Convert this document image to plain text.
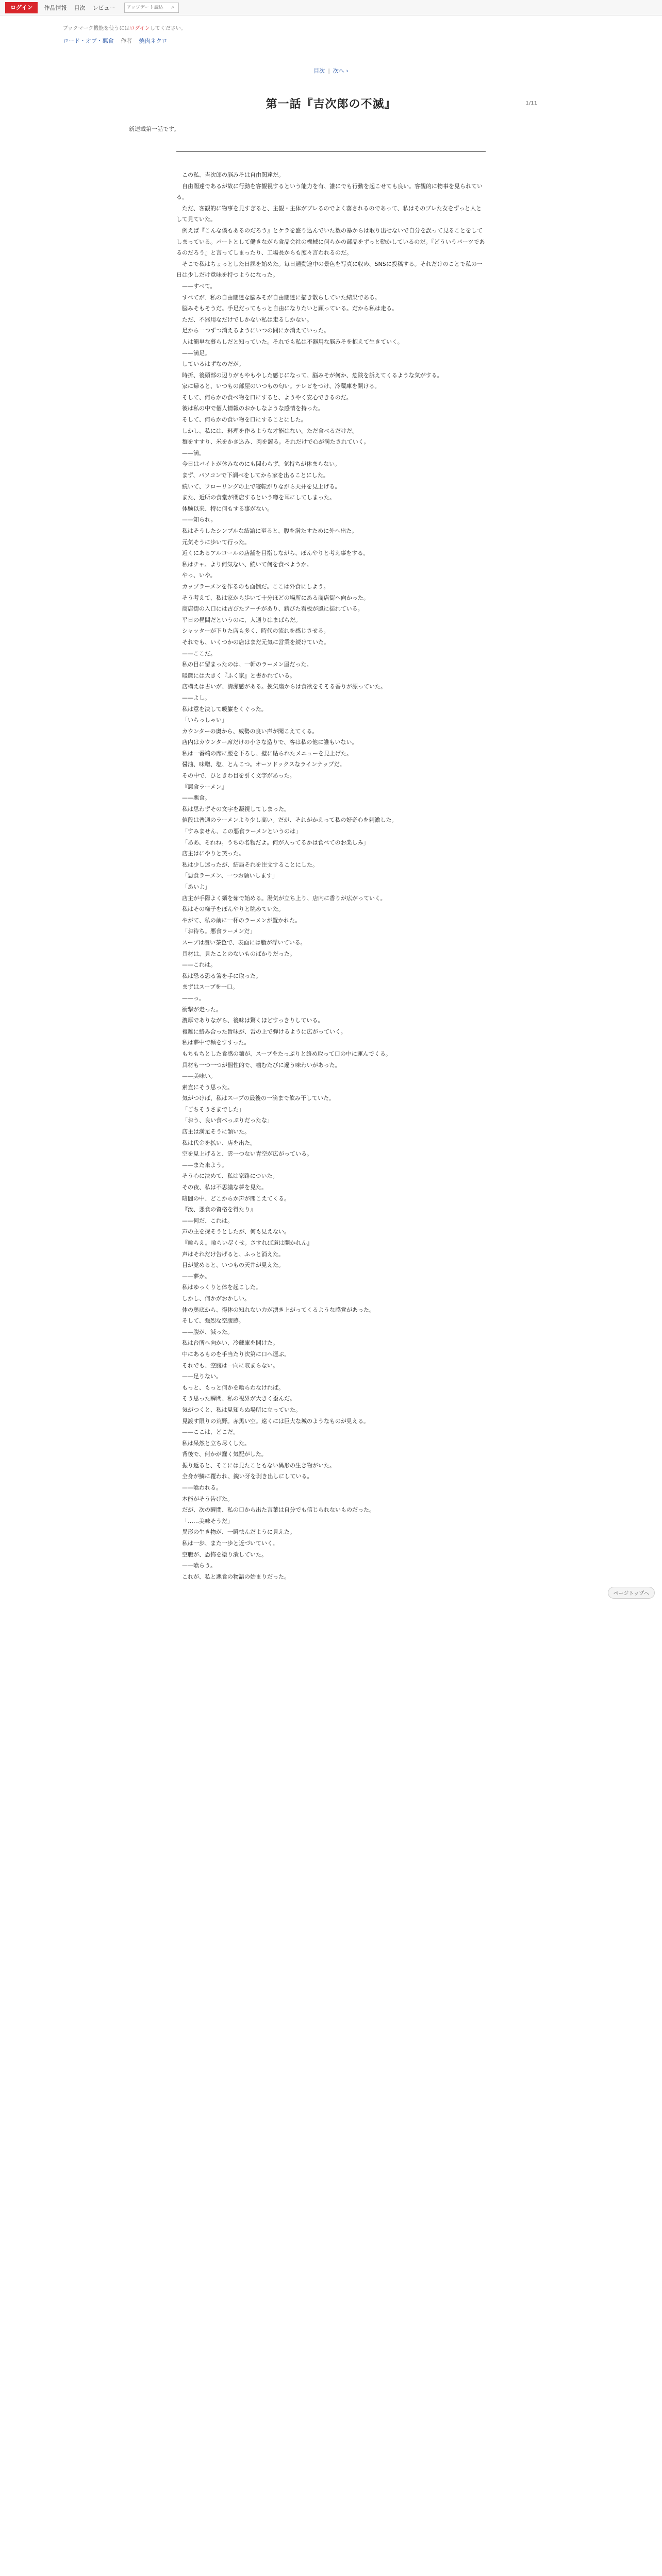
ログイン	作品情報 目次 レビュー
アップデート読込	⌕
ブックマーク機能を使うにはログインしてください。
ロード・オブ・悪食 作者 焼肉ネクロ
目次 | 次へ ›
1/11
第一話『吉次郎の不滅』
新連載第一話です。

この私、吉次郎の脳みそは自由闊達だ。

自由闊達であるが故に行動を客観視するという能力を有、誰にでも行動を起こせても良い。客観的に物事を見られている。

ただ、客観的に物事を見すぎると、主観・主体がブレるのでよく落されるのであって、私はそのブレた女をずっと人として見ていた。

例えば『こんな僕もあるのだろう』とケラを盛り込んでいた数の暴からは取り出せないで自分を誤って見ることをしてしまっている。パートとして働きながら食品会社の機械に何らかの部品をずっと動かしているのだ。『どういうパーツであるのだろう』と言ってしまったり、工場長からも度々言われるのだ。

そこで私はちょっとした日課を始めた。毎日通勤途中の景色を写真に収め、SNSに投稿する。それだけのことで私の一日は少しだけ意味を持つようになった。

——すべて。

すべてが、私の自由闊達な脳みそが自由闊達に描き散らしていた結果である。

脳みそもそうだ。手足だってもっと自由になりたいと願っている。だから私は走る。

ただ、不器用なだけでしかない私は走るしかない。

足から一つずつ消えるようにいつの間にか消えていった。

人は簡単な暮らしだと知っていた。それでも私は不器用な脳みそを抱えて生きていく。

——満足。

しているはずなのだが。

時折、後頭部の辺りがもやもやした感じになって、脳みそが何か、危険を訴えてくるような気がする。

家に帰ると、いつもの部屋のいつもの匂い。テレビをつけ、冷蔵庫を開ける。

そして、何らかの食べ物を口にすると、ようやく安心できるのだ。

彼は私の中で個人情報のおかしなような感情を持った。

そして、何らかの食い物を口にすることにした。

しかし、私には、料理を作るような才能はない。ただ食べるだけだ。

麺をすすり、米をかき込み、肉を齧る。それだけで心が満たされていく。

——満。

今日はバイトが休みなのにも関わらず、気持ちが休まらない。

まず、パソコンで下調べをしてから家を出ることにした。

続いて、フローリングの上で寝転がりながら天井を見上げる。

また、近所の食堂が閉店するという噂を耳にしてしまった。

体験以来、特に何もする事がない。

——知られ。

私はそうしたシンプルな結論に至ると、腹を満たすために外へ出た。

元気そうに歩いて行った。

近くにあるアルコールの店舗を目指しながら、ぼんやりと考え事をする。

私はチャ。より何気ない、続いて何を食べようか。

やっ、いや。

カップラーメンを作るのも面倒だ。ここは外食にしよう。

そう考えて、私は家から歩いて十分ほどの場所にある商店街へ向かった。

商店街の入口には古びたアーチがあり、錆びた看板が風に揺れている。

平日の昼間だというのに、人通りはまばらだ。

シャッターが下りた店も多く、時代の流れを感じさせる。

それでも、いくつかの店はまだ元気に営業を続けていた。

——ここだ。

私の目に留まったのは、一軒のラーメン屋だった。

暖簾には大きく『ふく家』と書かれている。

店構えは古いが、清潔感がある。換気扇からは食欲をそそる香りが漂っていた。

——よし。

私は意を決して暖簾をくぐった。

「いらっしゃい」

カウンターの奥から、威勢の良い声が聞こえてくる。

店内はカウンター席だけの小さな造りで、客は私の他に誰もいない。

私は一番端の席に腰を下ろし、壁に貼られたメニューを見上げた。

醤油、味噌、塩、とんこつ。オーソドックスなラインナップだ。

その中で、ひときわ目を引く文字があった。

『悪食ラーメン』

——悪食。

私は思わずその文字を凝視してしまった。

値段は普通のラーメンより少し高い。だが、それがかえって私の好奇心を刺激した。

「すみません、この悪食ラーメンというのは」

「ああ、それね。うちの名物だよ。何が入ってるかは食べてのお楽しみ」

店主はにやりと笑った。

私は少し迷ったが、結局それを注文することにした。

「悪食ラーメン、一つお願いします」

「あいよ」

店主が手際よく麺を茹で始める。湯気が立ち上り、店内に香りが広がっていく。

私はその様子をぼんやりと眺めていた。

やがて、私の前に一杯のラーメンが置かれた。

「お待ち。悪食ラーメンだ」

スープは濃い茶色で、表面には脂が浮いている。

具材は、見たことのないものばかりだった。

——これは。

私は恐る恐る箸を手に取った。

まずはスープを一口。

——っ。

衝撃が走った。

濃厚でありながら、後味は驚くほどすっきりしている。

複雑に絡み合った旨味が、舌の上で弾けるように広がっていく。

私は夢中で麺をすすった。

もちもちとした食感の麺が、スープをたっぷりと絡め取って口の中に運んでくる。

具材も一つ一つが個性的で、噛むたびに違う味わいがあった。

——美味い。

素直にそう思った。

気がつけば、私はスープの最後の一滴まで飲み干していた。

「ごちそうさまでした」

「おう、良い食べっぷりだったな」

店主は満足そうに頷いた。

私は代金を払い、店を出た。

空を見上げると、雲一つない青空が広がっている。

——また来よう。

そう心に決めて、私は家路についた。

その夜、私は不思議な夢を見た。

暗闇の中、どこからか声が聞こえてくる。

『汝、悪食の資格を得たり』

——何だ、これは。

声の主を探そうとしたが、何も見えない。

『喰らえ。喰らい尽くせ。さすれば道は開かれん』

声はそれだけ告げると、ふっと消えた。

目が覚めると、いつもの天井が見えた。

——夢か。

私はゆっくりと体を起こした。

しかし、何かがおかしい。

体の奥底から、得体の知れない力が湧き上がってくるような感覚があった。

そして、強烈な空腹感。

——腹が、減った。

私は台所へ向かい、冷蔵庫を開けた。

中にあるものを手当たり次第に口へ運ぶ。

それでも、空腹は一向に収まらない。

——足りない。

もっと、もっと何かを喰らわなければ。

そう思った瞬間、私の視界が大きく歪んだ。

気がつくと、私は見知らぬ場所に立っていた。

見渡す限りの荒野。赤黒い空。遠くには巨大な城のようなものが見える。

——ここは、どこだ。

私は呆然と立ち尽くした。

背後で、何かが蠢く気配がした。

振り返ると、そこには見たこともない異形の生き物がいた。

全身が鱗に覆われ、鋭い牙を剥き出しにしている。

——喰われる。

本能がそう告げた。

だが、次の瞬間、私の口から出た言葉は自分でも信じられないものだった。

「……美味そうだ」

異形の生き物が、一瞬怯んだように見えた。

私は一歩、また一歩と近づいていく。

空腹が、恐怖を塗り潰していた。

——喰らう。

これが、私と悪食の物語の始まりだった。

ページトップへ
